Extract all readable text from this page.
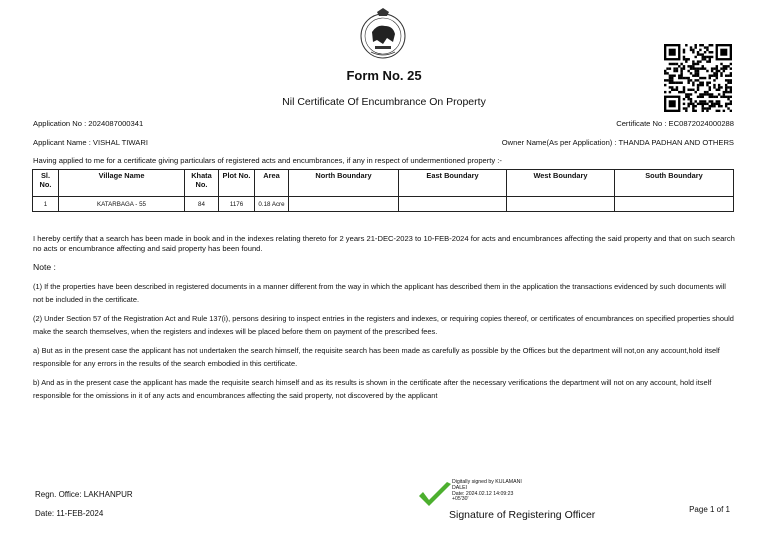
Form No. 25
Nil Certificate Of Encumbrance On Property
Application No : 2024087000341	Certificate No : EC0872024000288
Applicant Name : VISHAL TIWARI	Owner Name(As per Application) : THANDA PADHAN AND OTHERS
Having applied to me for a certificate giving particulars of registered acts and encumbrances, if any in respect of undermentioned property :-
Sl. No.	Village Name	Khata No.	Plot No.	Area	North Boundary	East Boundary	West Boundary	South Boundary
1	KATARBAGA - 55	84	1176	0.18 Acre				
I hereby certify that a search has been made in book and in the indexes relating thereto for 2 years 21-DEC-2023 to 10-FEB-2024 for acts and encumbrances affecting the said property and that on such search no acts or encumbrance affecting and said property has been found.
Note :
(1) If the properties have been described in registered documents in a manner different from the way in which the applicant has described them in the application the transactions evidenced by such documents will not be included in the certificate.
(2) Under Section 57 of the Registration Act and Rule 137(i), persons desiring to inspect entries in the registers and indexes, or requiring copies thereof, or certificates of encumbrances on specified properties should make the search themselves, when the registers and indexes will be placed before them on payment of the prescribed fees.
a) But as in the present case the applicant has not undertaken the search himself, the requisite search has been made as carefully as possible by the Offices but the department will not,on any account,hold itself responsible for any errors in the results of the search embodied in this certificate.
b) And as in the present case the applicant has made the requisite search himself and as its results is shown in the certificate after the necessary verifications the department will not on any account, hold itself responsible for the omissions in it of any acts and encumbrances affecting the said property, not discovered by the applicant
Regn. Office: LAKHANPUR
Date: 11-FEB-2024
Digitally signed by KULAMANI
DALEI
Date: 2024.02.12 14:09:23
+05'30'
Signature of Registering Officer	Page 1 of 1
